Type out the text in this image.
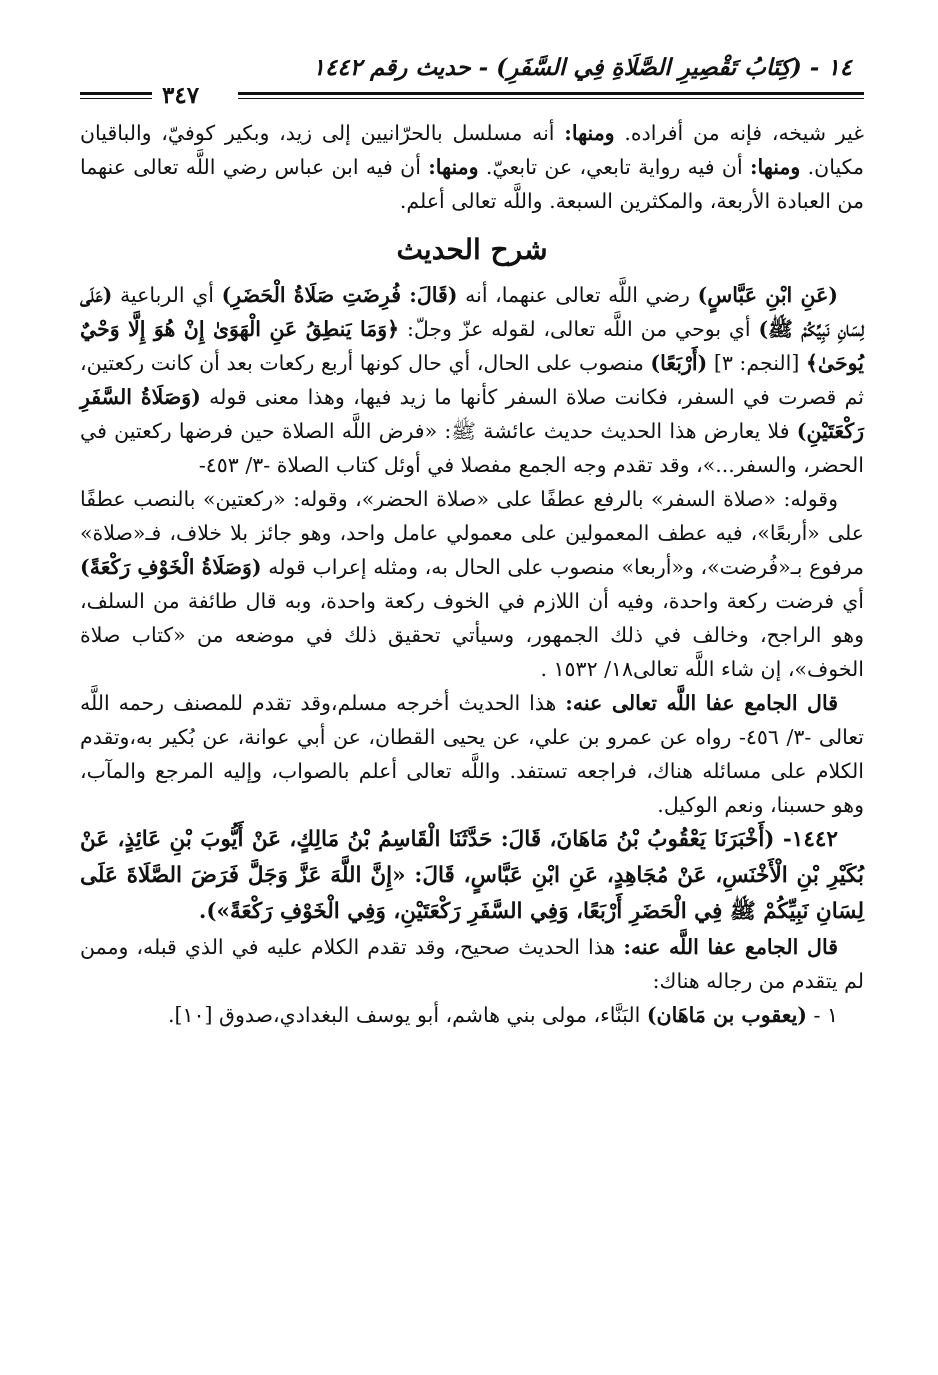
١٤ - (كِتَابُ تَقْصِيرِ الصَّلَاةِ فِي السَّفَرِ) - حديث رقم ١٤٤٢
٣٤٧

غير شيخه، فإنه من أفراده. ومنها: أنه مسلسل بالحرّانيين إلى زيد، وبكير كوفيّ، والباقيان مكيان. ومنها: أن فيه رواية تابعي، عن تابعيّ. ومنها: أن فيه ابن عباس رضي اللَّه تعالى عنهما من العبادة الأربعة، والمكثرين السبعة. واللَّه تعالى أعلم.

شرح الحديث

(عَنِ ابْنِ عَبَّاسٍ) رضي اللَّه تعالى عنهما، أنه (قَالَ: فُرِضَتِ صَلَاةُ الْحَضَرِ) أي الرباعية (عَلَى لِسَانِ نَبِيِّكُمْ ﷺ) أي بوحي من اللَّه تعالى، لقوله عزّ وجلّ: ﴿وَمَا يَنطِقُ عَنِ الْهَوَىٰ إِنْ هُوَ إِلَّا وَحْيٌ يُوحَىٰ﴾ [النجم: ٣] (أَرْبَعًا) منصوب على الحال، أي حال كونها أربع ركعات بعد أن كانت ركعتين، ثم قصرت في السفر، فكانت صلاة السفر كأنها ما زيد فيها، وهذا معنى قوله (وَصَلَاةُ السَّفَرِ رَكْعَتَيْنِ) فلا يعارض هذا الحديث حديث عائشة ﷺ: «فرض اللَّه الصلاة حين فرضها ركعتين في الحضر، والسفر...»، وقد تقدم وجه الجمع مفصلا في أوئل كتاب الصلاة -٣/ ٤٥٣-

وقوله: «صلاة السفر» بالرفع عطفًا على «صلاة الحضر»، وقوله: «ركعتين» بالنصب عطفًا على «أربعًا»، فيه عطف المعمولين على معمولي عامل واحد، وهو جائز بلا خلاف، فـ«صلاة» مرفوع بـ«فُرضت»، و«أربعا» منصوب على الحال به، ومثله إعراب قوله (وَصَلَاةُ الْخَوْفِ رَكْعَةً) أي فرضت ركعة واحدة، وفيه أن اللازم في الخوف ركعة واحدة، وبه قال طائفة من السلف، وهو الراجح، وخالف في ذلك الجمهور، وسيأتي تحقيق ذلك في موضعه من «كتاب صلاة الخوف»، إن شاء اللَّه تعالى١٨/ ١٥٣٢ .

قال الجامع عفا اللَّه تعالى عنه: هذا الحديث أخرجه مسلم،وقد تقدم للمصنف رحمه اللَّه تعالى -٣/ ٤٥٦- رواه عن عمرو بن علي، عن يحيى القطان، عن أبي عوانة، عن بُكير به،وتقدم الكلام على مسائله هناك، فراجعه تستفد. واللَّه تعالى أعلم بالصواب، وإليه المرجع والمآب، وهو حسبنا، ونعم الوكيل.

١٤٤٢- (أَخْبَرَنَا يَعْقُوبُ بْنُ مَاهَانَ، قَالَ: حَدَّثَنَا الْقَاسِمُ بْنُ مَالِكٍ، عَنْ أَيُّوبَ بْنِ عَائِذٍ، عَنْ بُكَيْرِ بْنِ الْأَخْنَسِ، عَنْ مُجَاهِدٍ، عَنِ ابْنِ عَبَّاسٍ، قَالَ: «إِنَّ اللَّهَ عَزَّ وَجَلَّ فَرَضَ الصَّلَاةَ عَلَى لِسَانِ نَبِيِّكُمْ ﷺ فِي الْحَضَرِ أَرْبَعًا، وَفِي السَّفَرِ رَكْعَتَيْنِ، وَفِي الْخَوْفِ رَكْعَةً»).

قال الجامع عفا اللَّه عنه: هذا الحديث صحيح، وقد تقدم الكلام عليه في الذي قبله، وممن لم يتقدم من رجاله هناك:

١ - (يعقوب بن مَاهَان) البَنَّاء، مولى بني هاشم، أبو يوسف البغدادي،صدوق [١٠].
